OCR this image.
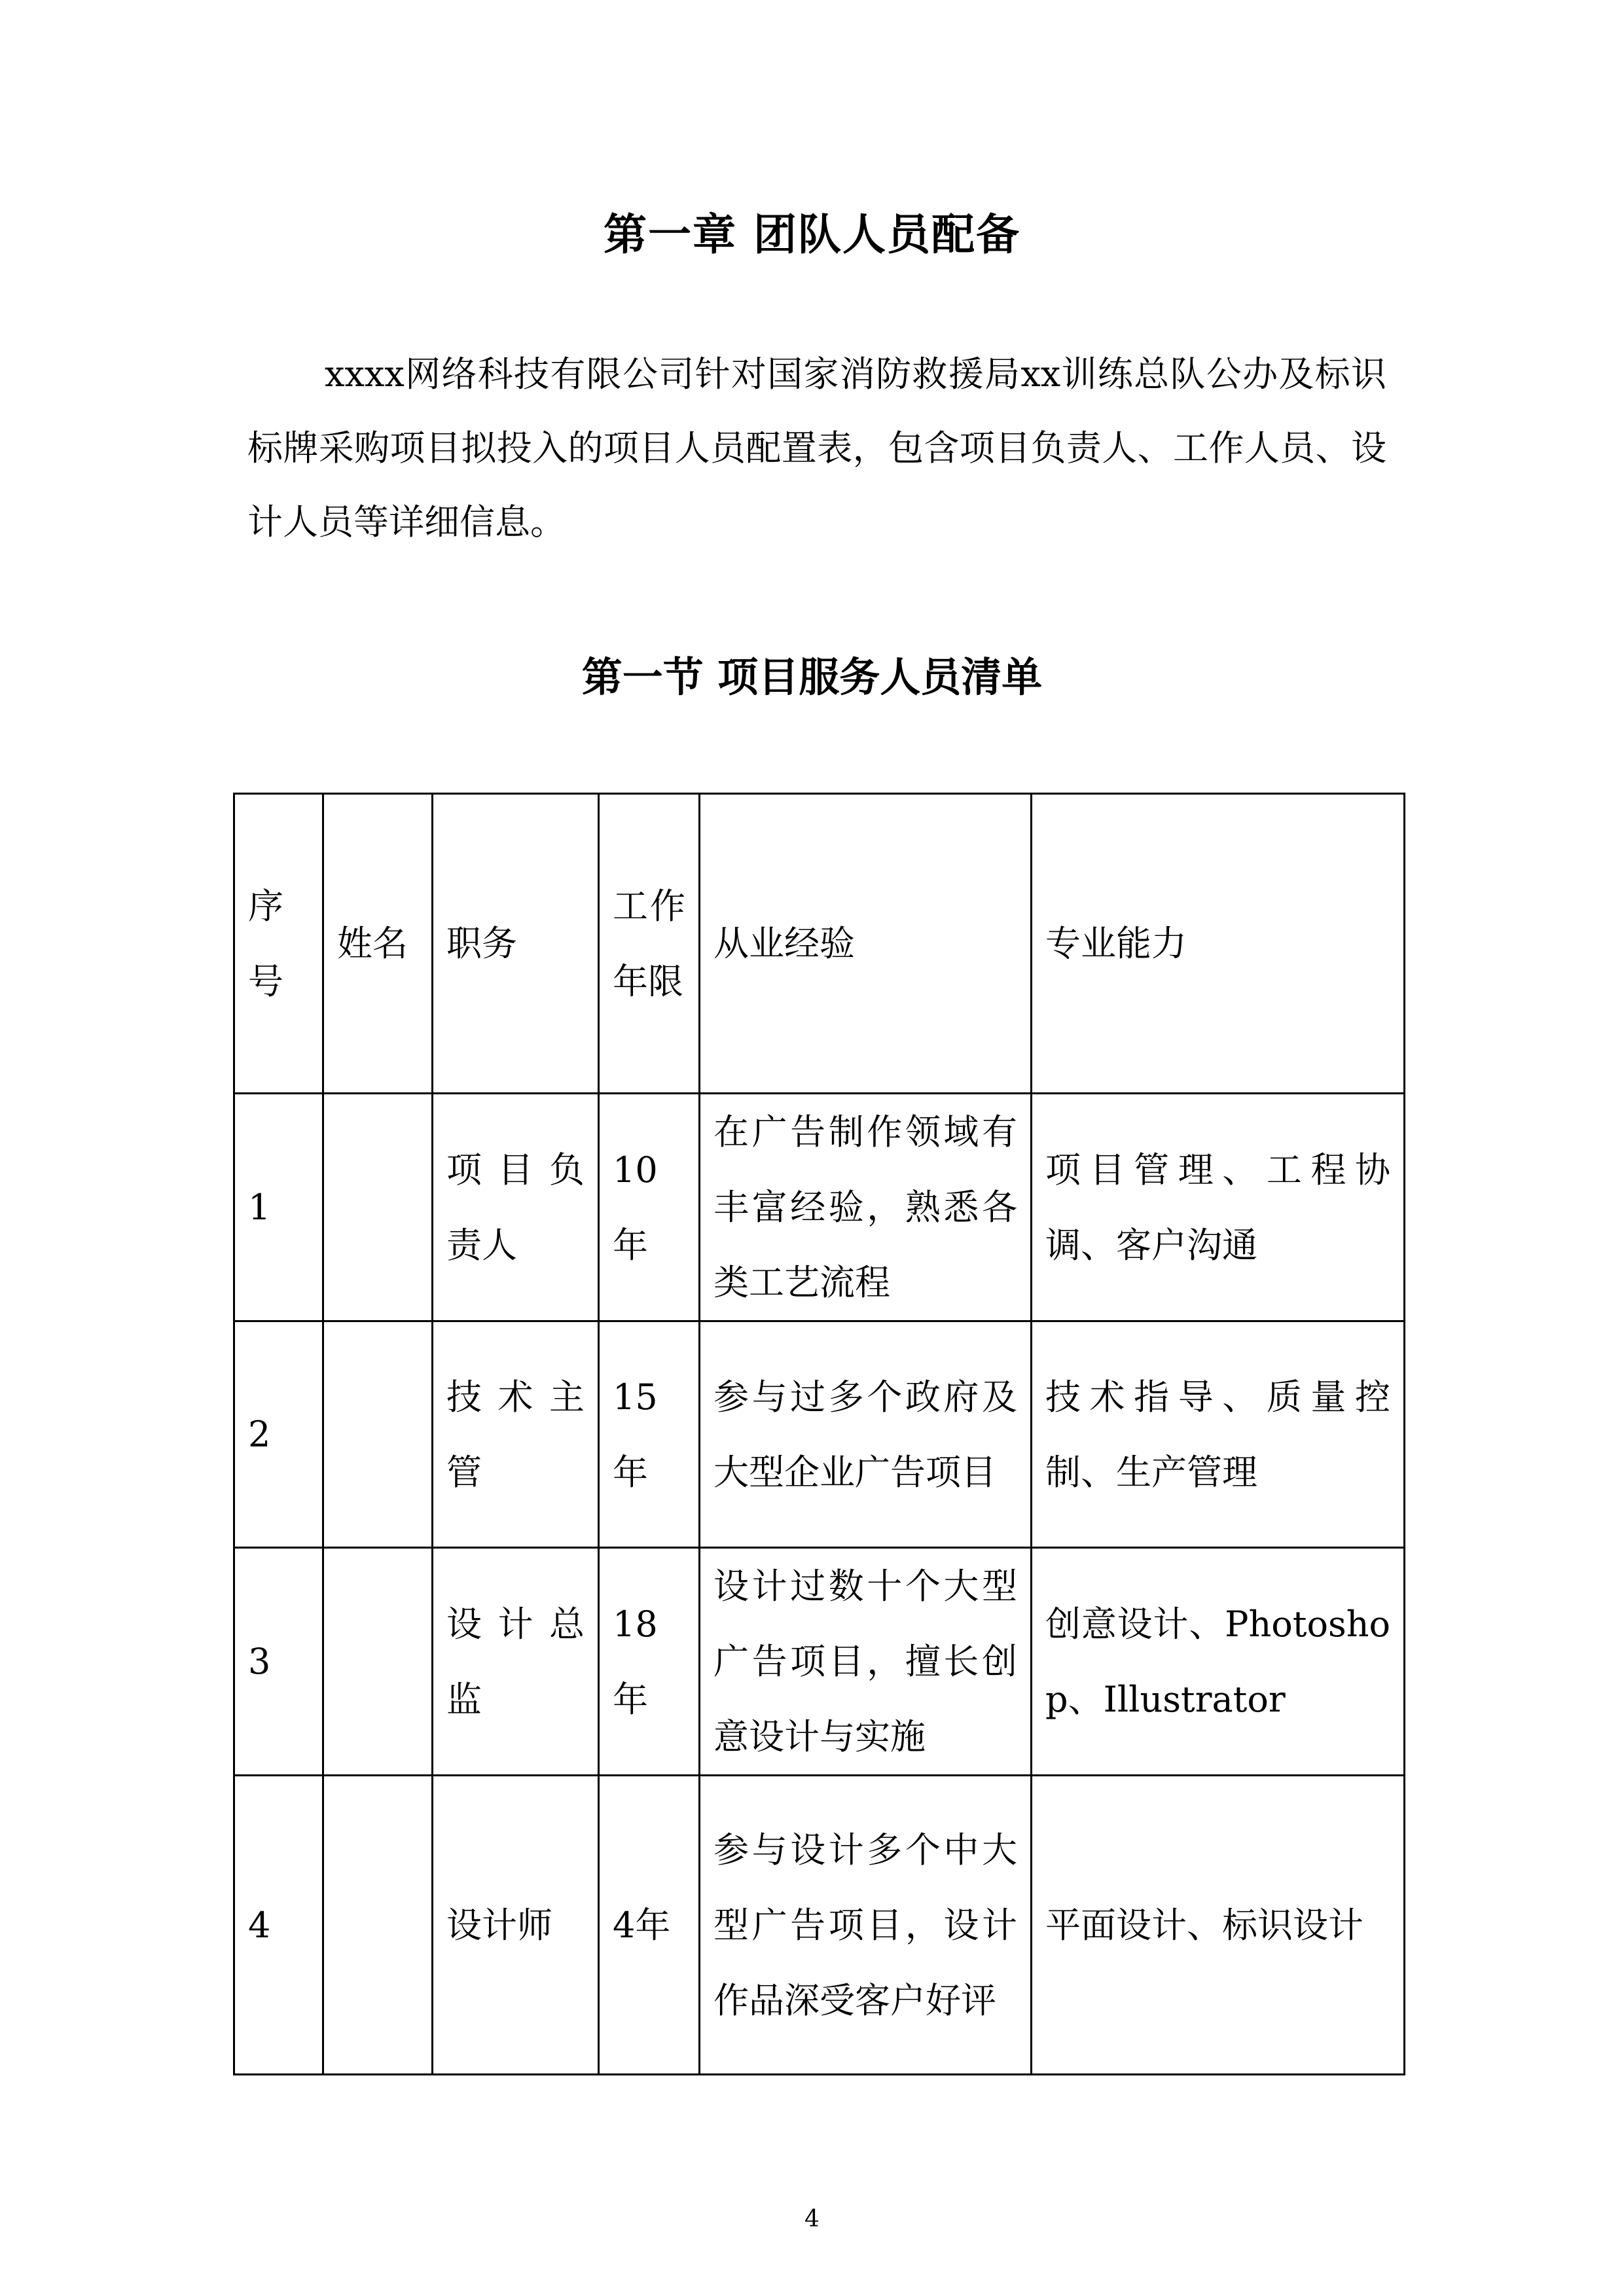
第一章 团队人员配备
xxxx网络科技有限公司针对国家消防救援局xx训练总队公办及标识标牌采购项目拟投入的项目人员配置表，包含项目负责人、工作人员、设计人员等详细信息。
第一节 项目服务人员清单
序号	姓名	职务	工作年限	从业经验	专业能力
1		项目负责人	10年	在广告制作领域有丰富经验，熟悉各类工艺流程	项目管理、工程协调、客户沟通
2		技术主管	15年	参与过多个政府及大型企业广告项目	技术指导、质量控制、生产管理
3		设计总监	18年	设计过数十个大型广告项目，擅长创意设计与实施	创意设计、Photoshop、Illustrator
4		设计师	4年	参与设计多个中大型广告项目，设计作品深受客户好评	平面设计、标识设计
4
